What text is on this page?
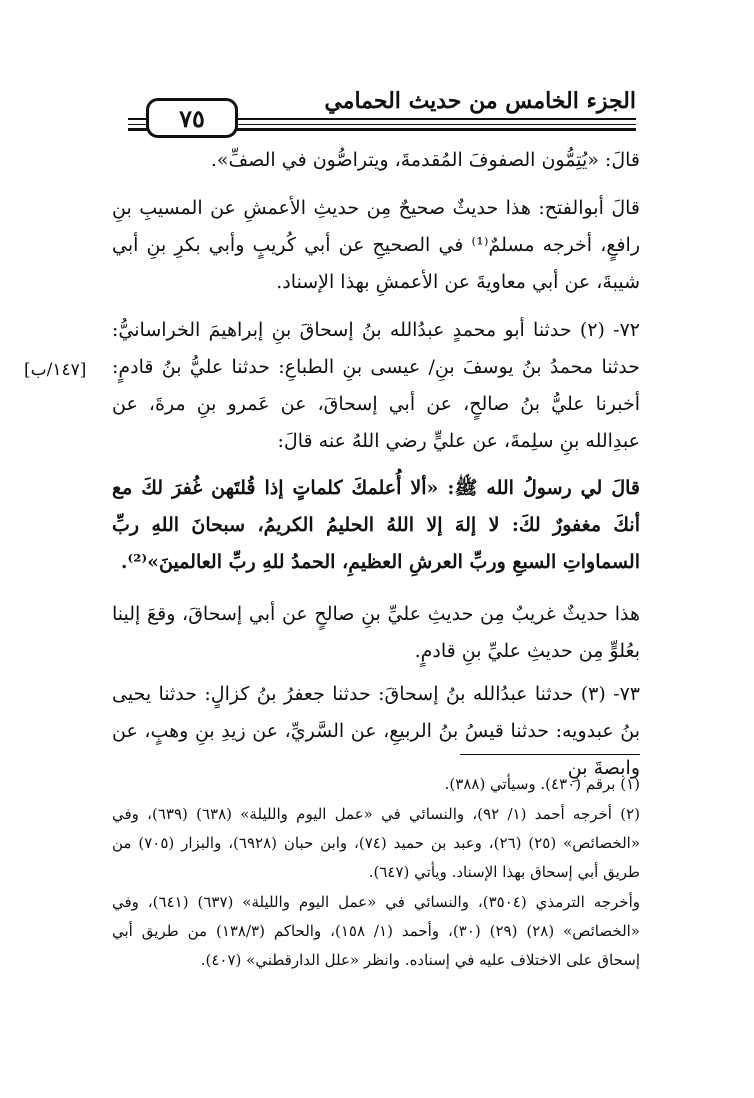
الجزء الخامس من حديث الحمامي
٧٥
قالَ: «يُتِمُّون الصفوفَ المُقدمةَ، ويتراصُّون في الصفِّ».
قالَ أبوالفتح: هذا حديثٌ صحيحٌ مِن حديثِ الأعمشِ عن المسيبِ بنِ رافعٍ، أخرجه مسلمٌ⁽¹⁾ في الصحيحِ عن أبي كُريبٍ وأبي بكرِ بنِ أبي شيبةَ، عن أبي معاويةَ عن الأعمشِ بهذا الإسناد.
٧٢- (٢) حدثنا أبو محمدٍ عبدُالله بنُ إسحاقَ بنِ إبراهيمَ الخراسانيُّ: حدثنا محمدُ بنُ يوسفَ بنِ/ عيسى بنِ الطباعِ: حدثنا عليُّ بنُ قادمٍ: أخبرنا عليُّ بنُ صالحٍ، عن أبي إسحاقَ، عن عَمرو بنِ مرةَ، عن عبدِالله بنِ سلِمةَ، عن عليٍّ رضي اللهُ عنه قالَ:
قالَ لي رسولُ الله ﷺ: «ألا أُعلمكَ كلماتٍ إذا قُلتَهن غُفرَ لكَ مع أنكَ مغفورٌ لكَ: لا إلهَ إلا اللهُ الحليمُ الكريمُ، سبحانَ اللهِ ربِّ السماواتِ السبعِ وربِّ العرشِ العظيمِ، الحمدُ للهِ ربِّ العالمينَ»⁽²⁾.
هذا حديثٌ غريبٌ مِن حديثِ عليِّ بنِ صالحٍ عن أبي إسحاقَ، وقعَ إلينا بعُلوٍّ مِن حديثِ عليِّ بنِ قادمٍ.
٧٣- (٣) حدثنا عبدُالله بنُ إسحاقَ: حدثنا جعفرُ بنُ كزالٍ: حدثنا يحيى بنُ عبدويه: حدثنا قيسُ بنُ الربيعِ، عن السَّريِّ، عن زيدِ بنِ وهبٍ، عن وابصةَ بنِ
[١٤٧/ب]
(١) برقم (٤٣٠). وسيأتي (٣٨٨).
(٢) أخرجه أحمد (١/ ٩٢)، والنسائي في «عمل اليوم والليلة» (٦٣٨) (٦٣٩)، وفي «الخصائص» (٢٥) (٢٦)، وعبد بن حميد (٧٤)، وابن حبان (٦٩٢٨)، والبزار (٧٠٥) من طريق أبي إسحاق بهذا الإسناد. ويأتي (٦٤٧).
وأخرجه الترمذي (٣٥٠٤)، والنسائي في «عمل اليوم والليلة» (٦٣٧) (٦٤١)، وفي «الخصائص» (٢٨) (٢٩) (٣٠)، وأحمد (١/ ١٥٨)، والحاكم (١٣٨/٣) من طريق أبي إسحاق على الاختلاف عليه في إسناده. وانظر «علل الدارقطني» (٤٠٧).
